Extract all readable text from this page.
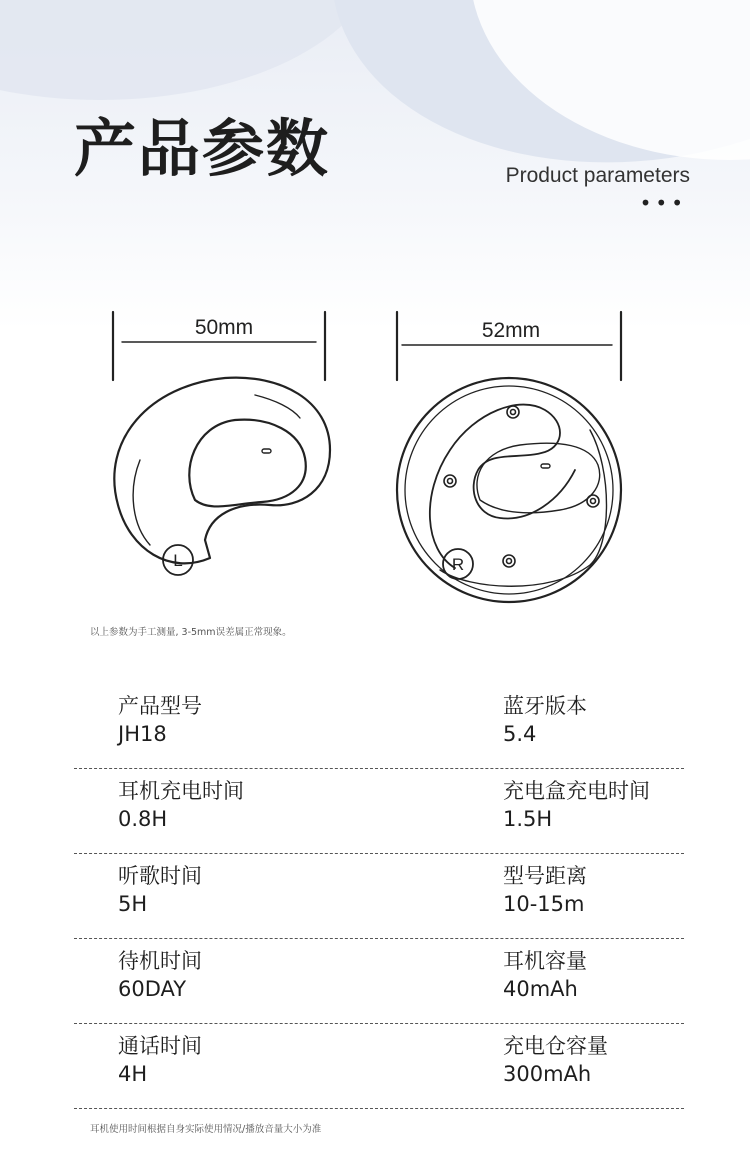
产品参数	Product parameters
•••
L
50mm
R
52mm
以上参数为手工测量, 3-5mm误差属正常现象。
产品型号
JH18
蓝牙版本
5.4
耳机充电时间
0.8H
充电盒充电时间
1.5H
听歌时间
5H
型号距离
10-15m
待机时间
60DAY
耳机容量
40mAh
通话时间
4H
充电仓容量
300mAh
耳机使用时间根据自身实际使用情况/播放音量大小为准
